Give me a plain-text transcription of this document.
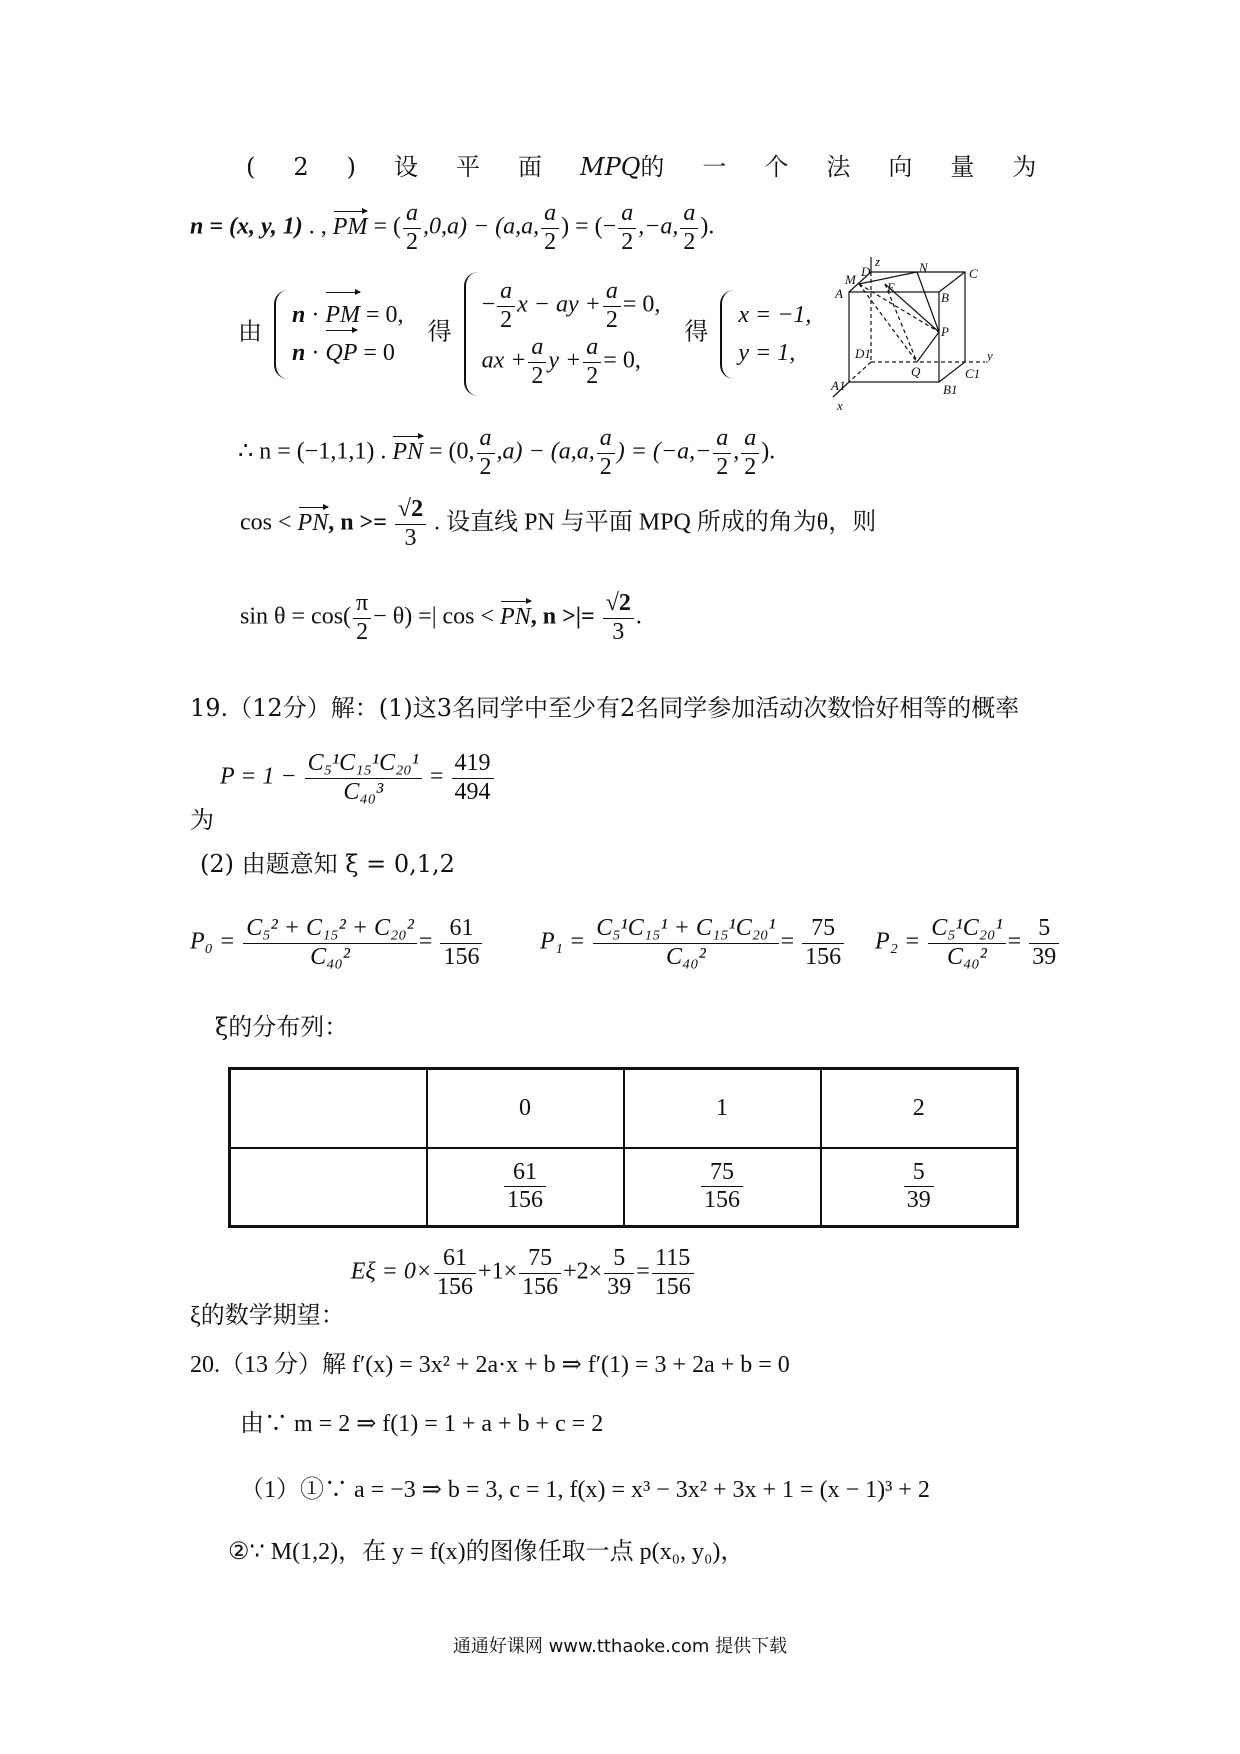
(2)设平面MPQ的一个法向量为
n = (x, y, 1) . , PM = ( $\frac{a}{2} ,0,a) - (a,a$, $\frac{a}{2}$ ) = (− $\frac{a}{2} ,-a$, $\frac{a}{2}$ ).
由
n · PM = 0,
n · QP = 0
得
− $\frac{a}{2}$ x − ay + $\frac{a}{2} = 0$,
ax + $\frac{a}{2}$ $y + \frac{a}{2} = 0$,
得
x = −1,
y = 1,
z
D	N	C
M
E
A	B
P
D1
Q
y
A1
C1
B1
x
∴ n = (−1,1,1) . PN = (0, $\frac{a}{2} ,a) - (a,a$, $\frac{a}{2}$ ) = ($-a,- \frac{a}{2}$ , $\frac{a}{2}$ ).
cos < PN, $n >= \frac{√2}{3}$ . 设直线 PN 与平面 MPQ 所成的角为θ，则
$\sin \theta = \cos( \frac{\pi}{2} - \theta)$ =| cos < PN, n >|= $\frac{√2}{3}$ .
19.（12分）解：(1)这3名同学中至少有2名同学参加活动次数恰好相等的概率
为 $P = 1 - \frac{\text{C₅¹C₁₅¹C₂₀¹}}{\text{C₄₀³}} = \frac{419}{494}$
(2) 由题意知 ξ = 0,1,2
$P_0 = \frac{\text{C₅² + C₁₅² + C₂₀²}}{\text{C₄₀²}} = \frac{61}{156} P_1 = \frac{\text{C₅¹C₁₅¹ + C₁₅¹C₂₀¹}}{\text{C₄₀²}} = \frac{75}{156} P_2 = \frac{\text{C₅¹C₂₀¹}}{\text{C₄₀²}} = \frac{5}{39}$
ξ的分布列：
	0	1	2

	$\frac{61}{156}$	$\frac{75}{156}$	$\frac{5}{39}$
ξ的数学期望： $E\xi = 0\times \frac{61}{156} +1\times \frac{75}{156} +2\times \frac{5}{39} = \frac{115}{156}$
20.（13 分）解 f′(x) = 3x² + 2a·x + b ⇒ f′(1) = 3 + 2a + b = 0
由∵ m = 2 ⇒ f(1) = 1 + a + b + c = 2
（1）①∵ a = −3 ⇒ b = 3, c = 1, f(x) = x³ − 3x² + 3x + 1 = (x − 1)³ + 2
②∵ M(1,2)，在 y = f(x)的图像任取一点 p(x₀, y₀)，
通通好课网 www.tthaoke.com 提供下载
